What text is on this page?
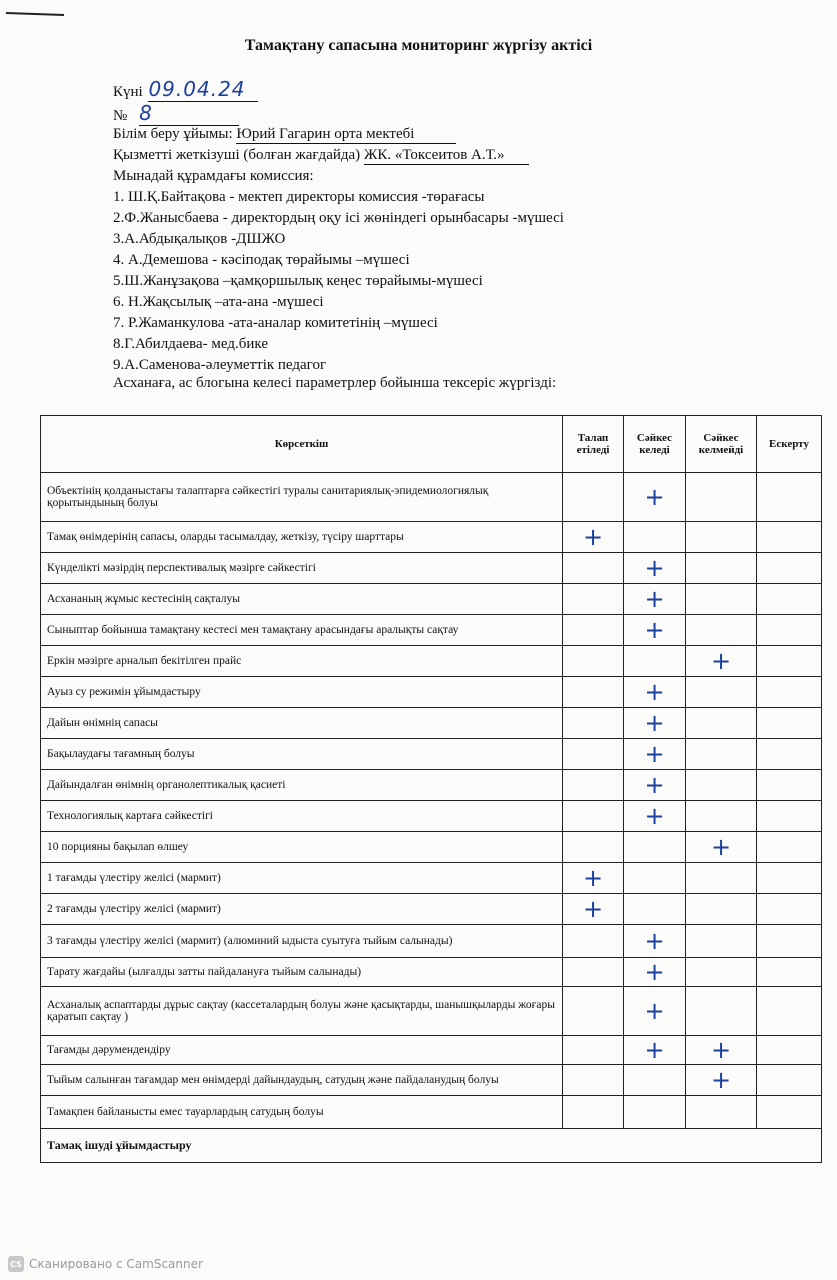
Тамақтану сапасына мониторинг жүргізу актісі
Күні 09.04.24
№ 8
Білім беру ұйымы: Юрий Гагарин орта мектебі
Қызметті жеткізуші (болған жағдайда) ЖК. «Токсеитов А.Т.»
Мынадай құрамдағы комиссия:
1. Ш.Қ.Байтақова - мектеп директоры комиссия -төрағасы
2.Ф.Жанысбаева - директордың оқу ісі жөніндегі орынбасары -мүшесі
3.А.Абдықалықов -ДШЖО
4. А.Демешова - кәсіподақ төрайымы –мүшесі
5.Ш.Жанұзақова –қамқоршылық кеңес төрайымы-мүшесі
6. Н.Жақсылық –ата-ана -мүшесі
7. Р.Жаманкулова -ата-аналар комитетінің –мүшесі
8.Г.Абилдаева- мед.бике
9.А.Саменова-әлеуметтік педагог
Асханаға, ас блогына келесі параметрлер бойынша тексеріс жүргізді:
Көрсеткіш	Талап етіледі	Сәйкес келеді	Сәйкес келмейді	Ескерту
Объектінің қолданыстағы талаптарға сәйкестігі туралы санитариялық-эпидемиологиялық қорытындының болуы		+		
Тамақ өнімдерінің сапасы, оларды тасымалдау, жеткізу, түсіру шарттары	+			
Күнделікті мәзірдің перспективалық мәзірге сәйкестігі		+		
Асхананың жұмыс кестесінің сақталуы		+		
Сыныптар бойынша тамақтану кестесі мен тамақтану арасындағы аралықты сақтау		+		
Еркін мәзірге арналып бекітілген прайс			+	
Ауыз су режимін ұйымдастыру		+		
Дайын өнімнің сапасы		+		
Бақылаудағы тағамның болуы		+		
Дайындалған өнімнің органолептикалық қасиеті		+		
Технологиялық картаға сәйкестігі		+		
10 порцияны бақылап өлшеу			+	
1 тағамды үлестіру желісі (мармит)	+			
2 тағамды үлестіру желісі (мармит)	+			
3 тағамды үлестіру желісі (мармит) (алюминий ыдыста суытуға тыйым салынады)		+		
Тарату жағдайы (ылғалды затты пайдалануға тыйым салынады)		+		
Асханалық аспаптарды дұрыс сақтау (кассеталардың болуы және қасықтарды, шанышқыларды жоғары қаратып сақтау )		+		
Тағамды дәрумендендіру		+	+	
Тыйым салынған тағамдар мен өнімдерді дайындаудың, сатудың және пайдаланудың болуы			+	
Тамақпен байланысты емес тауарлардың сатудың болуы				
Тамақ ішуді ұйымдастыру				
CS Сканировано с CamScanner
